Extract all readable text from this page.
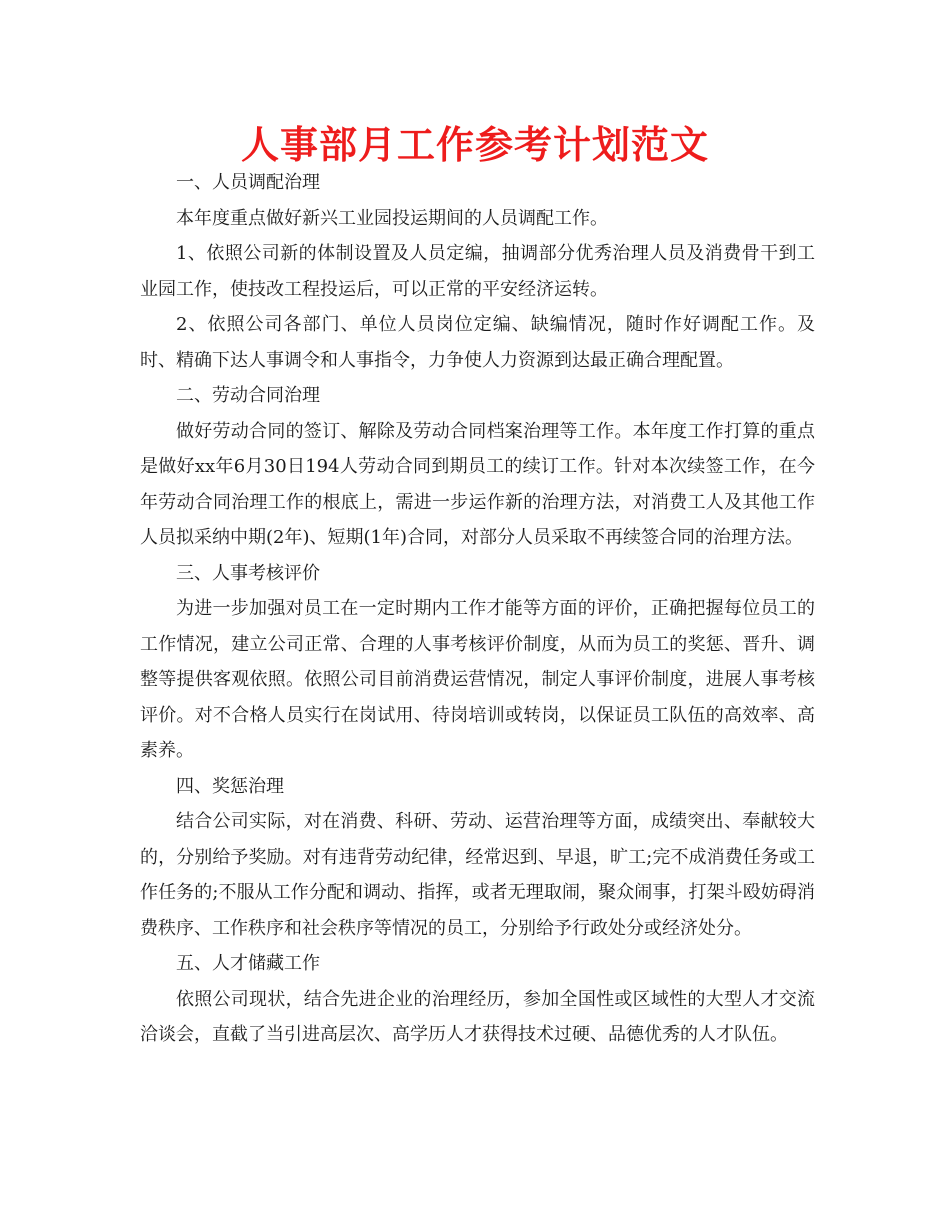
人事部月工作参考计划范文

一、人员调配治理

本年度重点做好新兴工业园投运期间的人员调配工作。

1、依照公司新的体制设置及人员定编，抽调部分优秀治理人员及消费骨干到工业园工作，使技改工程投运后，可以正常的平安经济运转。

2、依照公司各部门、单位人员岗位定编、缺编情况，随时作好调配工作。及时、精确下达人事调令和人事指令，力争使人力资源到达最正确合理配置。

二、劳动合同治理

做好劳动合同的签订、解除及劳动合同档案治理等工作。本年度工作打算的重点是做好xx年6月30日194人劳动合同到期员工的续订工作。针对本次续签工作，在今年劳动合同治理工作的根底上，需进一步运作新的治理方法，对消费工人及其他工作人员拟采纳中期(2年)、短期(1年)合同，对部分人员采取不再续签合同的治理方法。

三、人事考核评价

为进一步加强对员工在一定时期内工作才能等方面的评价，正确把握每位员工的工作情况，建立公司正常、合理的人事考核评价制度，从而为员工的奖惩、晋升、调整等提供客观依照。依照公司目前消费运营情况，制定人事评价制度，进展人事考核评价。对不合格人员实行在岗试用、待岗培训或转岗，以保证员工队伍的高效率、高素养。

四、奖惩治理

结合公司实际，对在消费、科研、劳动、运营治理等方面，成绩突出、奉献较大的，分别给予奖励。对有违背劳动纪律，经常迟到、早退，旷工;完不成消费任务或工作任务的;不服从工作分配和调动、指挥，或者无理取闹，聚众闹事，打架斗殴妨碍消费秩序、工作秩序和社会秩序等情况的员工，分别给予行政处分或经济处分。

五、人才储藏工作

依照公司现状，结合先进企业的治理经历，参加全国性或区域性的大型人才交流洽谈会，直截了当引进高层次、高学历人才获得技术过硬、品德优秀的人才队伍。
